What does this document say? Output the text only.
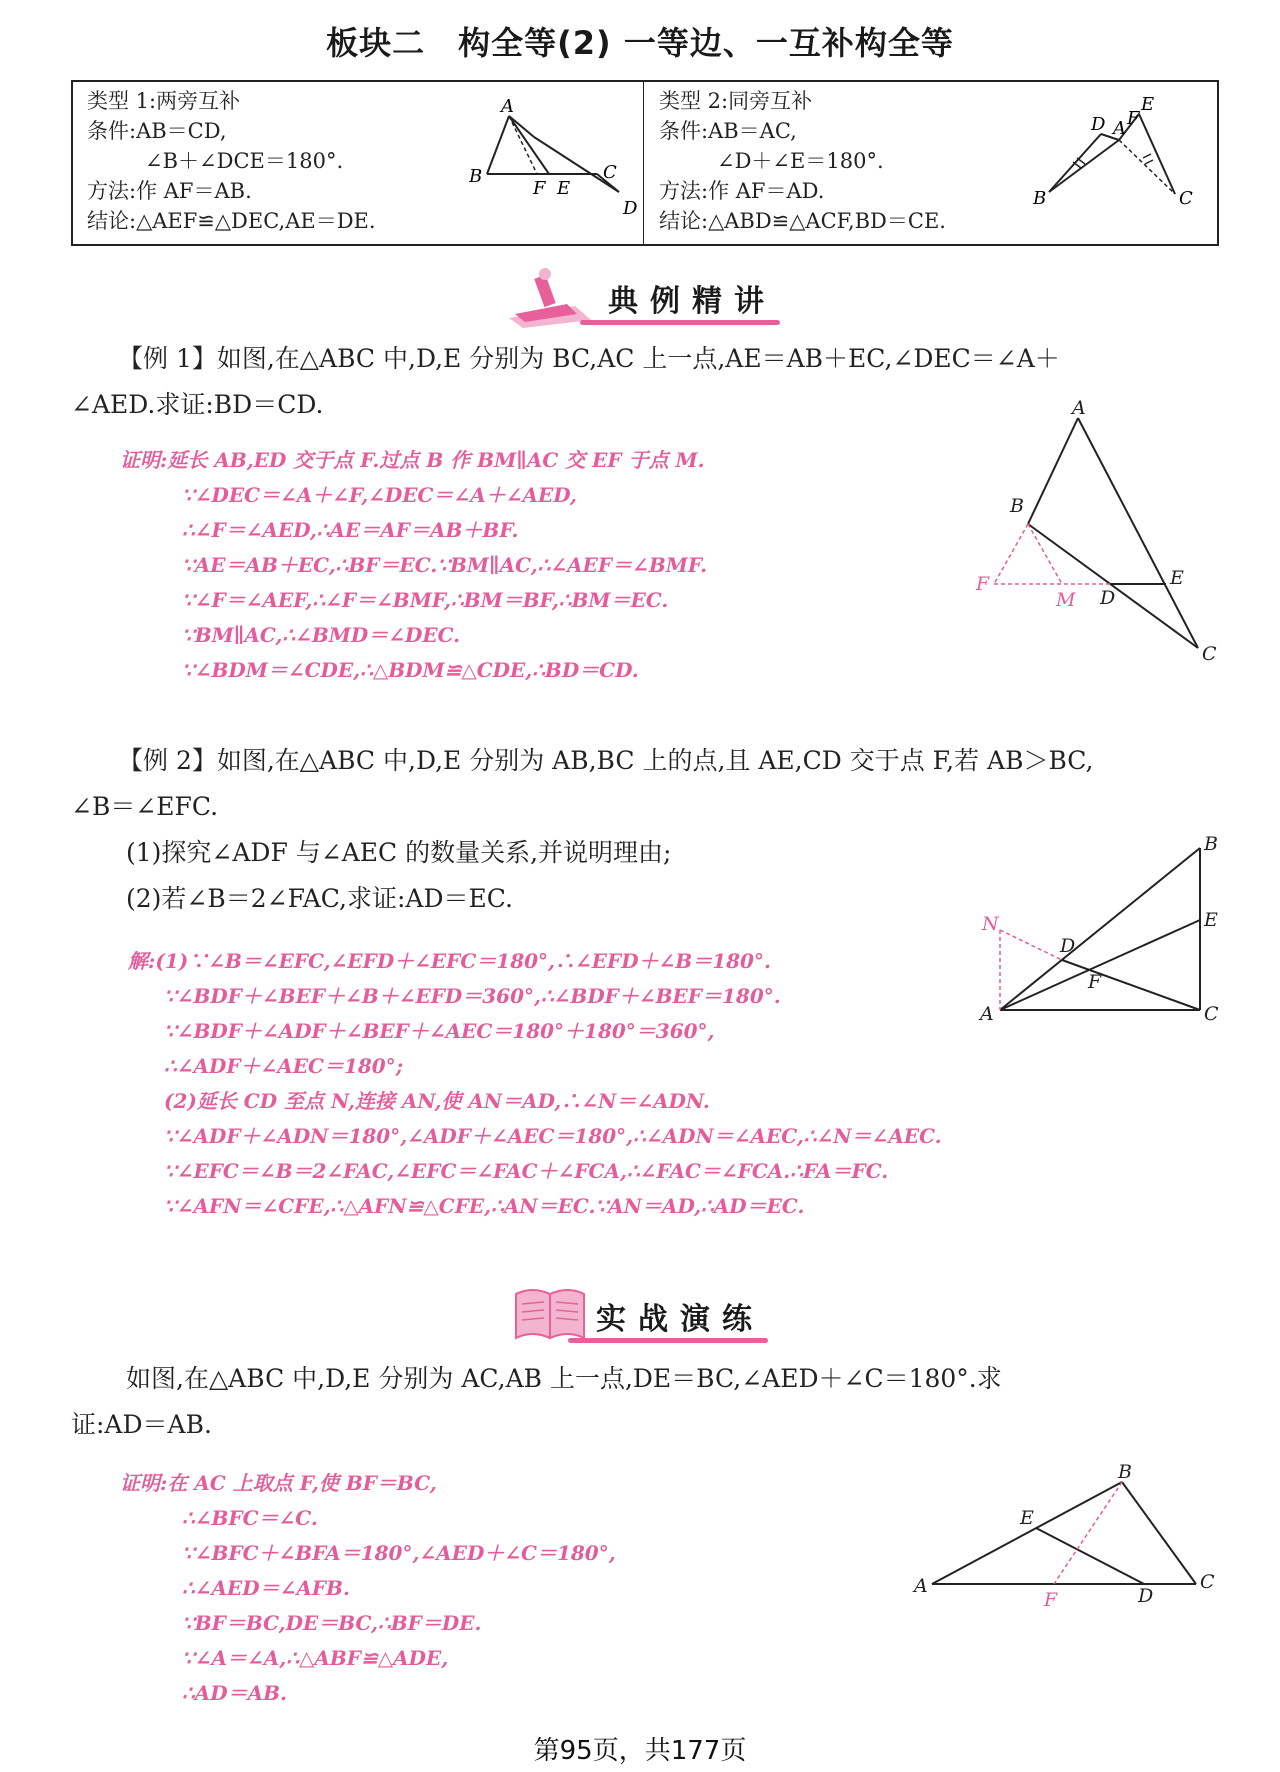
板块二　构全等(2) 一等边、一互补构全等
类型 1:两旁互补
条件:AB＝CD,
∠B＋∠DCE＝180°.
方法:作 AF＝AB.
结论:△AEF≌△DEC,AE＝DE.
A
B
F E
C
D
类型 2:同旁互补
条件:AB＝AC,
∠D＋∠E＝180°.
方法:作 AF＝AD.
结论:△ABD≌△ACF,BD＝CE.
D A F
E
B	C
典例精讲
【例 1】如图,在△ABC 中,D,E 分别为 BC,AC 上一点,AE＝AB＋EC,∠DEC＝∠A＋
∠AED.求证:BD＝CD.
证明:延长 AB,ED 交于点 F.过点 B 作 BM∥AC 交 EF 于点 M.
∵∠DEC＝∠A＋∠F,∠DEC＝∠A＋∠AED,
∴∠F＝∠AED,∴AE＝AF＝AB＋BF.
∵AE＝AB＋EC,∴BF＝EC.∵BM∥AC,∴∠AEF＝∠BMF.
∵∠F＝∠AEF,∴∠F＝∠BMF,∴BM＝BF,∴BM＝EC.
∵BM∥AC,∴∠BMD＝∠DEC.
∵∠BDM＝∠CDE,∴△BDM≌△CDE,∴BD＝CD.
A
B
E
F
M D
C
【例 2】如图,在△ABC 中,D,E 分别为 AB,BC 上的点,且 AE,CD 交于点 F,若 AB＞BC,
∠B＝∠EFC.
(1)探究∠ADF 与∠AEC 的数量关系,并说明理由;
(2)若∠B＝2∠FAC,求证:AD＝EC.
解:(1)∵∠B＝∠EFC,∠EFD＋∠EFC＝180°,∴∠EFD＋∠B＝180°.
∵∠BDF＋∠BEF＋∠B＋∠EFD＝360°,∴∠BDF＋∠BEF＝180°.
∵∠BDF＋∠ADF＋∠BEF＋∠AEC＝180°＋180°＝360°,
∴∠ADF＋∠AEC＝180°;
(2)延长 CD 至点 N,连接 AN,使 AN＝AD,∴∠N＝∠ADN.
∵∠ADF＋∠ADN＝180°,∠ADF＋∠AEC＝180°,∴∠ADN＝∠AEC,∴∠N＝∠AEC.
∵∠EFC＝∠B＝2∠FAC,∠EFC＝∠FAC＋∠FCA,∴∠FAC＝∠FCA.∴FA＝FC.
∵∠AFN＝∠CFE,∴△AFN≌△CFE,∴AN＝EC.∵AN＝AD,∴AD＝EC.
B
E
N
D
F
A	C
实战演练
如图,在△ABC 中,D,E 分别为 AC,AB 上一点,DE＝BC,∠AED＋∠C＝180°.求
证:AD＝AB.
证明:在 AC 上取点 F,使 BF＝BC,
∴∠BFC＝∠C.
∵∠BFC＋∠BFA＝180°,∠AED＋∠C＝180°,
∴∠AED＝∠AFB.
∵BF＝BC,DE＝BC,∴BF＝DE.
∵∠A＝∠A,∴△ABF≌△ADE,
∴AD＝AB.
B
E
A
F	D
C
第95页，共177页
